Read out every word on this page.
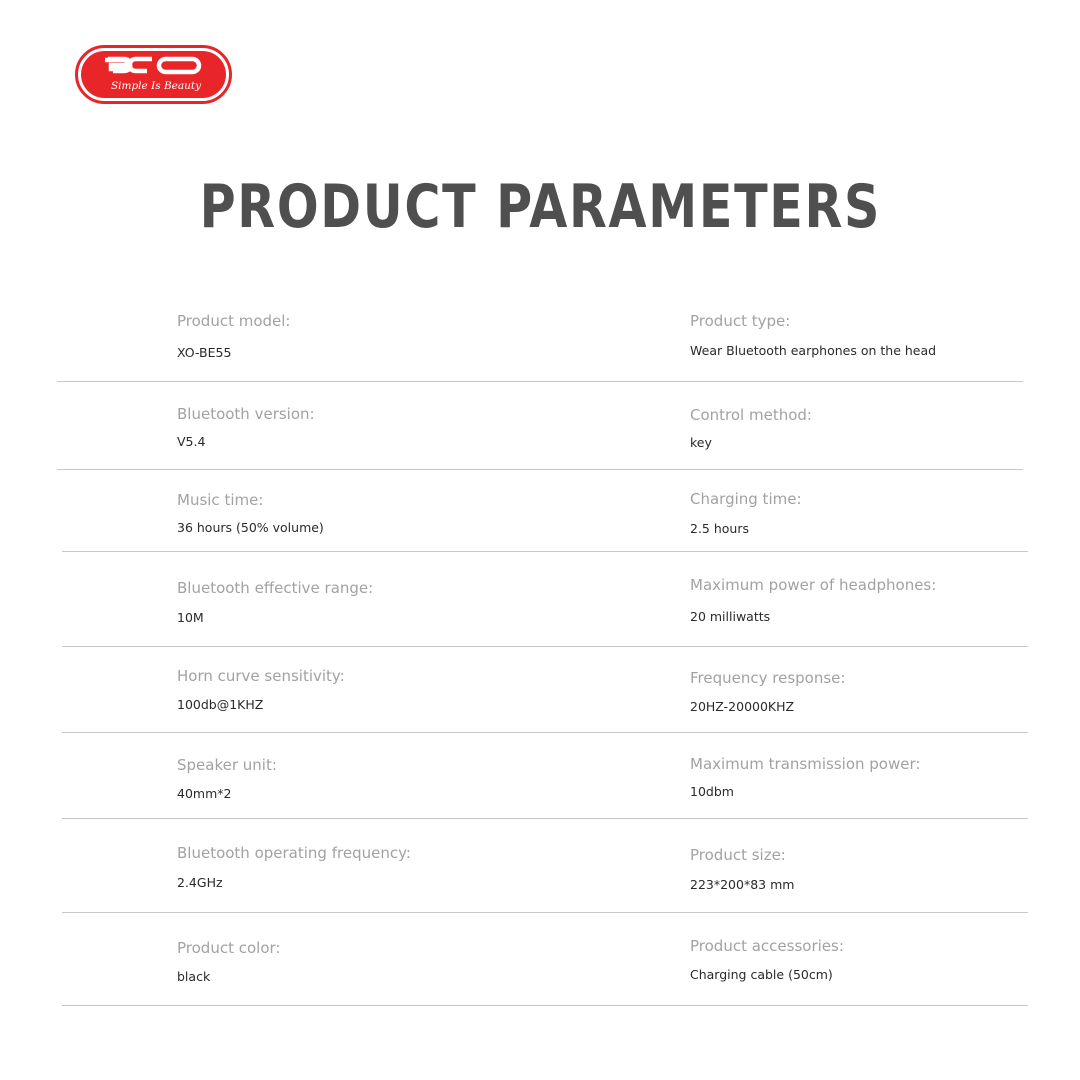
Simple Is Beauty
PRODUCT PARAMETERS
Product model:
XO-BE55
Product type:
Wear Bluetooth earphones on the head
Bluetooth version:
V5.4
Control method:
key
Music time:
36 hours (50% volume)
Charging time:
2.5 hours
Bluetooth effective range:
10M
Maximum power of headphones:
20 milliwatts
Horn curve sensitivity:
100db@1KHZ
Frequency response:
20HZ-20000KHZ
Speaker unit:
40mm*2
Maximum transmission power:
10dbm
Bluetooth operating frequency:
2.4GHz
Product size:
223*200*83 mm
Product color:
black
Product accessories:
Charging cable (50cm)
